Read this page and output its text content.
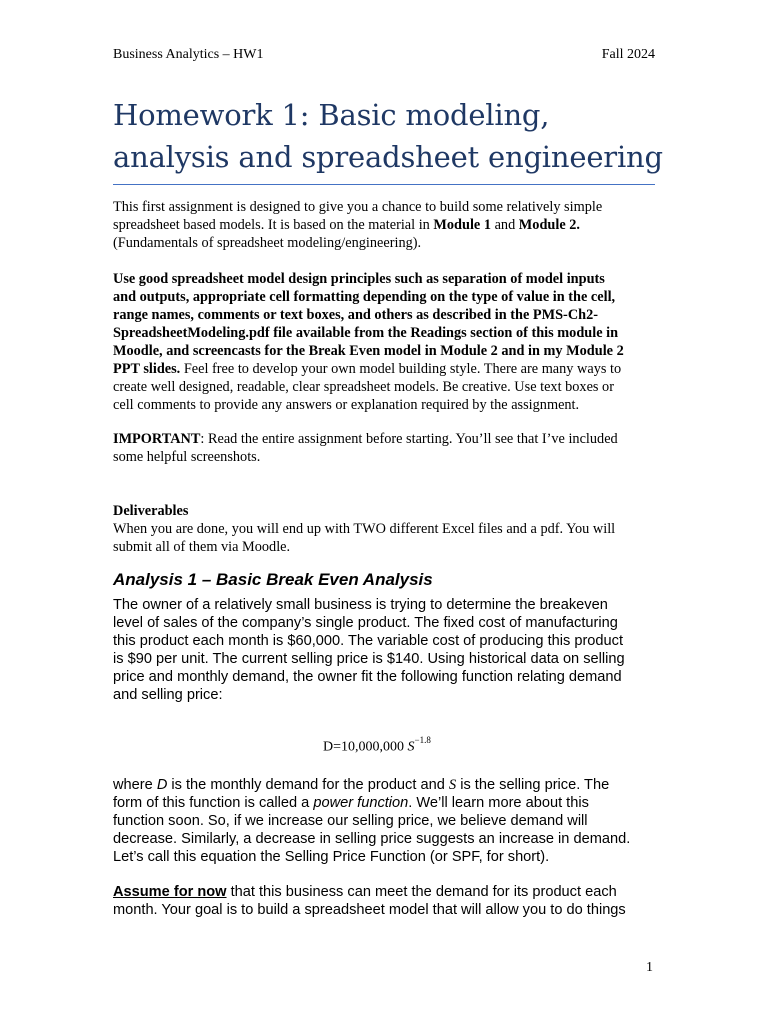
Business Analytics – HW1	Fall 2024
Homework 1: Basic modeling,
analysis and spreadsheet engineering
This first assignment is designed to give you a chance to build some relatively simple
spreadsheet based models. It is based on the material in Module 1 and Module 2.
(Fundamentals of spreadsheet modeling/engineering).
Use good spreadsheet model design principles such as separation of model inputs
and outputs, appropriate cell formatting depending on the type of value in the cell,
range names, comments or text boxes, and others as described in the PMS-Ch2-
SpreadsheetModeling.pdf file available from the Readings section of this module in
Moodle, and screencasts for the Break Even model in Module 2 and in my Module 2
PPT slides. Feel free to develop your own model building style. There are many ways to
create well designed, readable, clear spreadsheet models. Be creative. Use text boxes or
cell comments to provide any answers or explanation required by the assignment.
IMPORTANT: Read the entire assignment before starting. You’ll see that I’ve included
some helpful screenshots.
Deliverables
When you are done, you will end up with TWO different Excel files and a pdf. You will
submit all of them via Moodle.
Analysis 1 – Basic Break Even Analysis
The owner of a relatively small business is trying to determine the breakeven
level of sales of the company’s single product. The fixed cost of manufacturing
this product each month is $60,000. The variable cost of producing this product
is $90 per unit. The current selling price is $140. Using historical data on selling
price and monthly demand, the owner fit the following function relating demand
and selling price:
D=10,000,000 $S^{-1.8}$
where D is the monthly demand for the product and S is the selling price. The
form of this function is called a power function. We’ll learn more about this
function soon. So, if we increase our selling price, we believe demand will
decrease. Similarly, a decrease in selling price suggests an increase in demand.
Let’s call this equation the Selling Price Function (or SPF, for short).
Assume for now that this business can meet the demand for its product each
month. Your goal is to build a spreadsheet model that will allow you to do things
1
